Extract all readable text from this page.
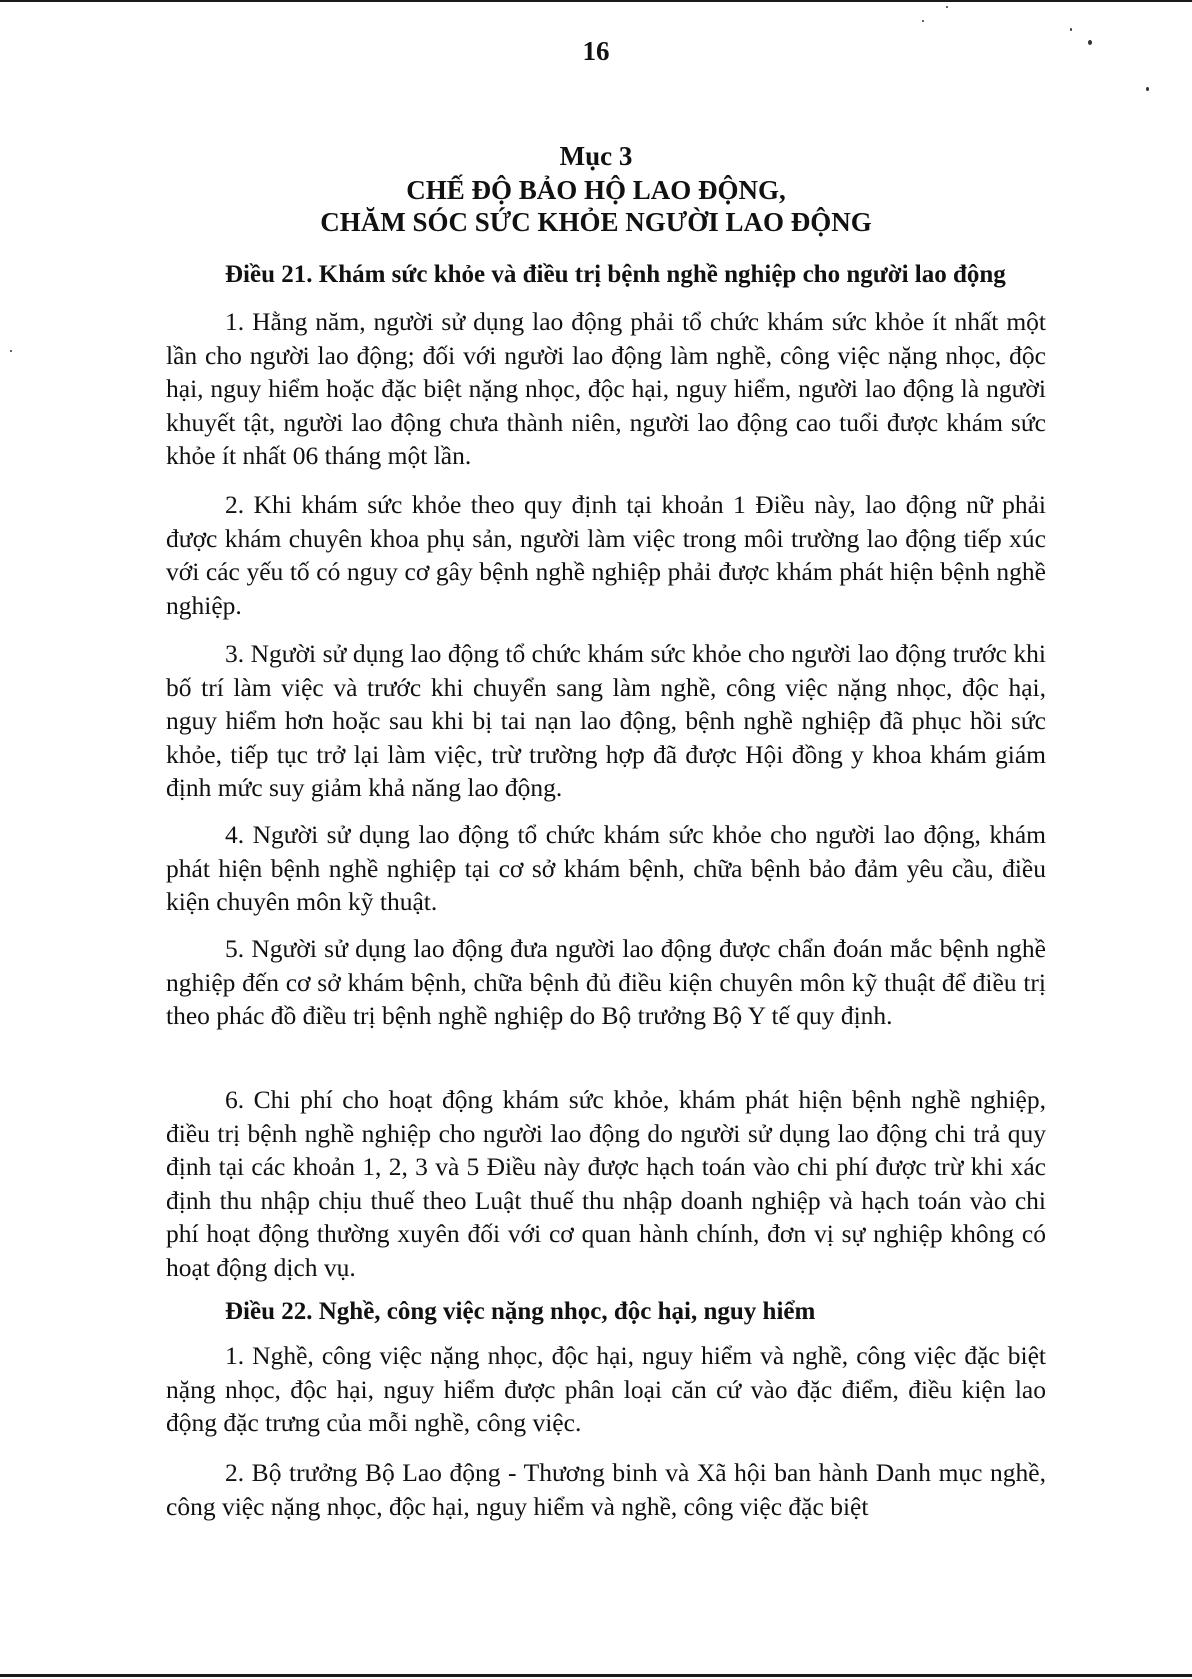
16
Mục 3
CHẾ ĐỘ BẢO HỘ LAO ĐỘNG,
CHĂM SÓC SỨC KHỎE NGƯỜI LAO ĐỘNG
Điều 21. Khám sức khỏe và điều trị bệnh nghề nghiệp cho người lao động

1. Hằng năm, người sử dụng lao động phải tổ chức khám sức khỏe ít nhất một lần cho người lao động; đối với người lao động làm nghề, công việc nặng nhọc, độc hại, nguy hiểm hoặc đặc biệt nặng nhọc, độc hại, nguy hiểm, người lao động là người khuyết tật, người lao động chưa thành niên, người lao động cao tuổi được khám sức khỏe ít nhất 06 tháng một lần.

2. Khi khám sức khỏe theo quy định tại khoản 1 Điều này, lao động nữ phải được khám chuyên khoa phụ sản, người làm việc trong môi trường lao động tiếp xúc với các yếu tố có nguy cơ gây bệnh nghề nghiệp phải được khám phát hiện bệnh nghề nghiệp.

3. Người sử dụng lao động tổ chức khám sức khỏe cho người lao động trước khi bố trí làm việc và trước khi chuyển sang làm nghề, công việc nặng nhọc, độc hại, nguy hiểm hơn hoặc sau khi bị tai nạn lao động, bệnh nghề nghiệp đã phục hồi sức khỏe, tiếp tục trở lại làm việc, trừ trường hợp đã được Hội đồng y khoa khám giám định mức suy giảm khả năng lao động.

4. Người sử dụng lao động tổ chức khám sức khỏe cho người lao động, khám phát hiện bệnh nghề nghiệp tại cơ sở khám bệnh, chữa bệnh bảo đảm yêu cầu, điều kiện chuyên môn kỹ thuật.

5. Người sử dụng lao động đưa người lao động được chẩn đoán mắc bệnh nghề nghiệp đến cơ sở khám bệnh, chữa bệnh đủ điều kiện chuyên môn kỹ thuật để điều trị theo phác đồ điều trị bệnh nghề nghiệp do Bộ trưởng Bộ Y tế quy định.

6. Chi phí cho hoạt động khám sức khỏe, khám phát hiện bệnh nghề nghiệp, điều trị bệnh nghề nghiệp cho người lao động do người sử dụng lao động chi trả quy định tại các khoản 1, 2, 3 và 5 Điều này được hạch toán vào chi phí được trừ khi xác định thu nhập chịu thuế theo Luật thuế thu nhập doanh nghiệp và hạch toán vào chi phí hoạt động thường xuyên đối với cơ quan hành chính, đơn vị sự nghiệp không có hoạt động dịch vụ.

Điều 22. Nghề, công việc nặng nhọc, độc hại, nguy hiểm

1. Nghề, công việc nặng nhọc, độc hại, nguy hiểm và nghề, công việc đặc biệt nặng nhọc, độc hại, nguy hiểm được phân loại căn cứ vào đặc điểm, điều kiện lao động đặc trưng của mỗi nghề, công việc.

2. Bộ trưởng Bộ Lao động - Thương binh và Xã hội ban hành Danh mục nghề, công việc nặng nhọc, độc hại, nguy hiểm và nghề, công việc đặc biệt
